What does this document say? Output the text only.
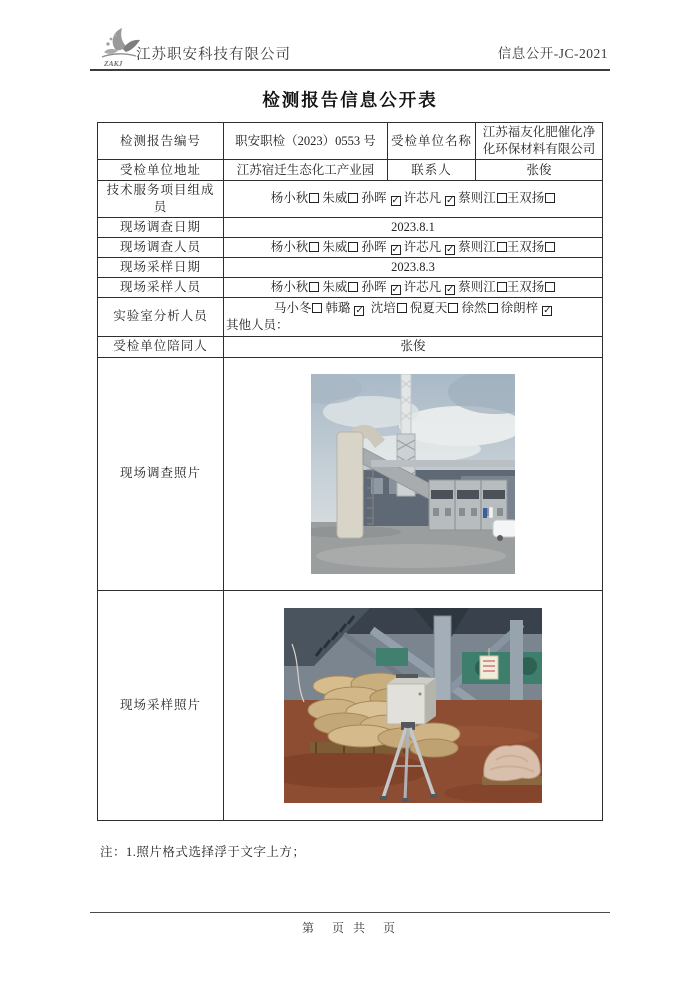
ZAKJ
江苏职安科技有限公司	信息公开-JC-2021
检测报告信息公开表
检测报告编号	职安职检（2023）0553 号	受检单位名称	江苏福友化肥催化净化环保材料有限公司
受检单位地址	江苏宿迁生态化工产业园	联系人	张俊
技术服务项目组成员	杨小秋 朱威 孙晖 ✓ 许芯凡 ✓ 蔡则江 王双扬		
现场调查日期	2023.8.1		
现场调查人员	杨小秋 朱威 孙晖 ✓ 许芯凡 ✓ 蔡则江 王双扬		
现场采样日期	2023.8.3		
现场采样人员	杨小秋 朱威 孙晖 ✓ 许芯凡 ✓ 蔡则江 王双扬		
实验室分析人员	马小冬 韩璐 ✓ 沈培 倪夏天 徐然 徐朗梓 ✓
其他人员：		

受检单位陪同人	张俊		
现场调查照片	

现场采样照片	
注：1.照片格式选择浮于文字上方；
第　页 共　页
